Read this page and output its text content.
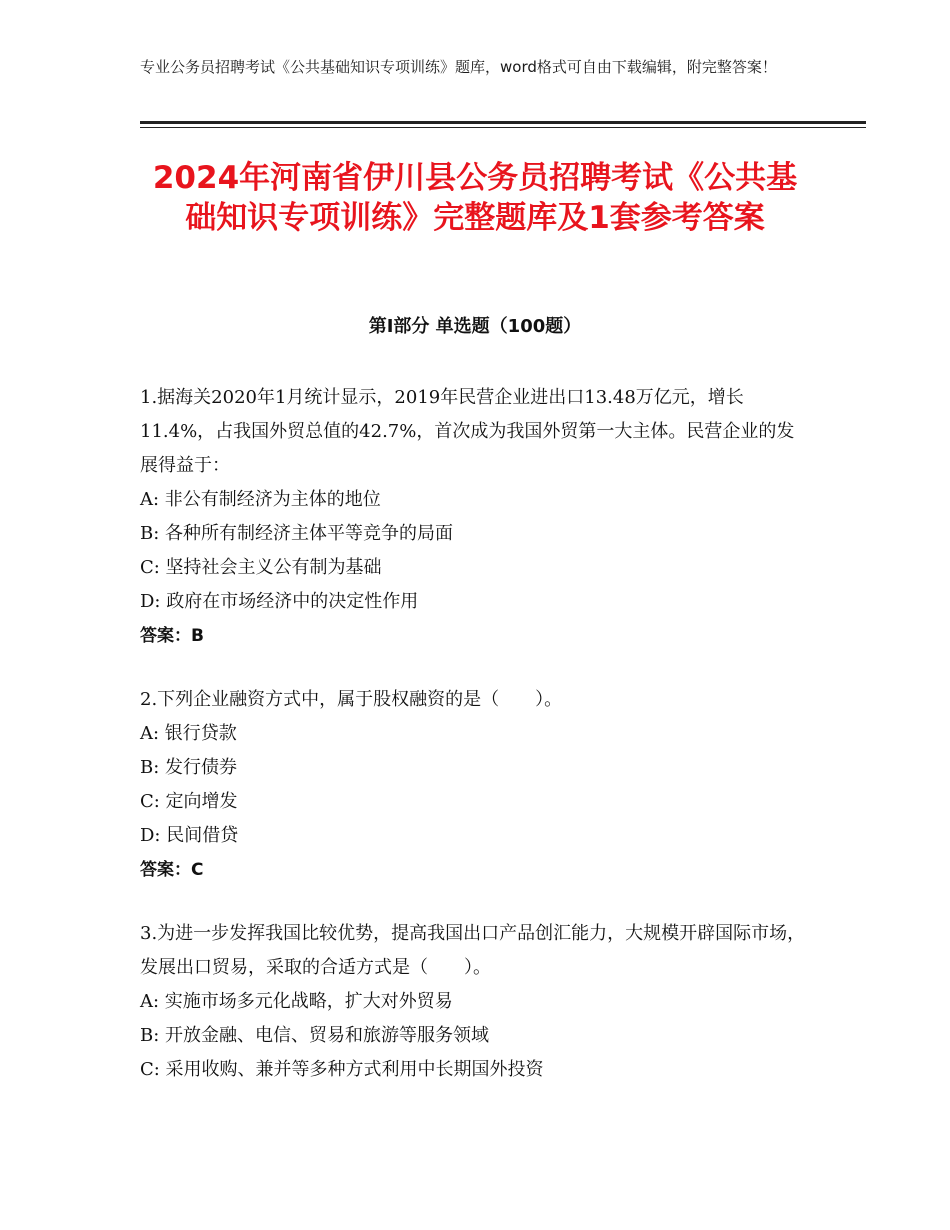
专业公务员招聘考试《公共基础知识专项训练》题库，word格式可自由下载编辑，附完整答案！
2024年河南省伊川县公务员招聘考试《公共基础知识专项训练》完整题库及1套参考答案
第Ⅰ部分 单选题（100题）

1.据海关2020年1月统计显示，2019年民营企业进出口13.48万亿元，增长11.4%，占我国外贸总值的42.7%，首次成为我国外贸第一大主体。民营企业的发展得益于：

A: 非公有制经济为主体的地位

B: 各种所有制经济主体平等竞争的局面

C: 坚持社会主义公有制为基础

D: 政府在市场经济中的决定性作用

答案：B

2.下列企业融资方式中，属于股权融资的是（　　）。

A: 银行贷款

B: 发行债券

C: 定向增发

D: 民间借贷

答案：C

3.为进一步发挥我国比较优势，提高我国出口产品创汇能力，大规模开辟国际市场，发展出口贸易，采取的合适方式是（　　）。

A: 实施市场多元化战略，扩大对外贸易

B: 开放金融、电信、贸易和旅游等服务领域

C: 采用收购、兼并等多种方式利用中长期国外投资
